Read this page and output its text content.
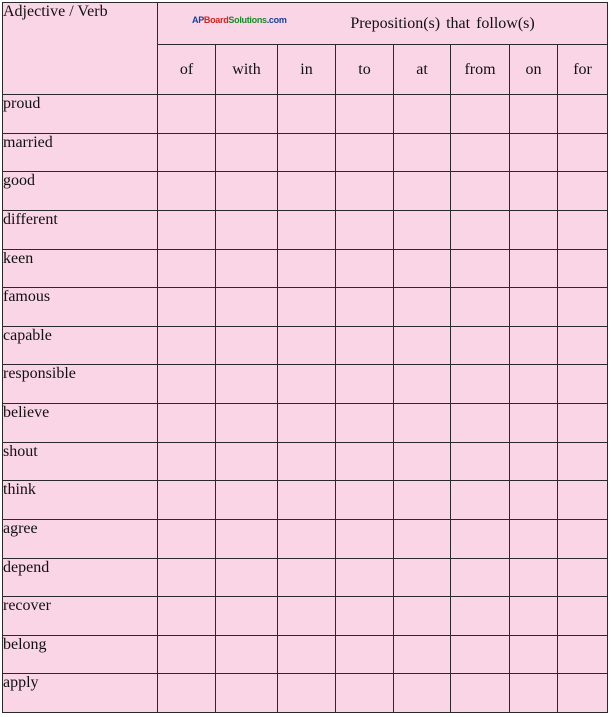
Adjective / Verb	APBoardSolutions.com Preposition(s) that follow(s)							
	of	with	in	to	at	from	on	for
proud								
married								
good								
different								
keen								
famous								
capable								
responsible								
believe								
shout								
think								
agree								
depend								
recover								
belong								
apply								
